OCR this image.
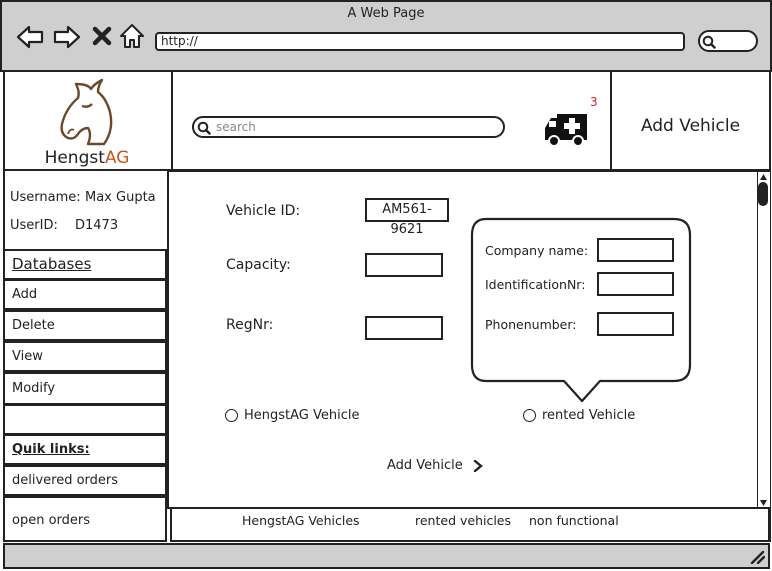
A Web Page
http://
HengstAG
search
3
Add Vehicle
Username: Max Gupta
UserID: D1473
Databases
Add
Delete
View
Modify
Quik links:
delivered orders
open orders
Vehicle ID:	AM561-9621
Capacity:
RegNr:
Company name:
IdentificationNr:
Phonenumber:
HengstAG Vehicle	rented Vehicle
Add Vehicle
HengstAG Vehicles	rented vehicles non functional
